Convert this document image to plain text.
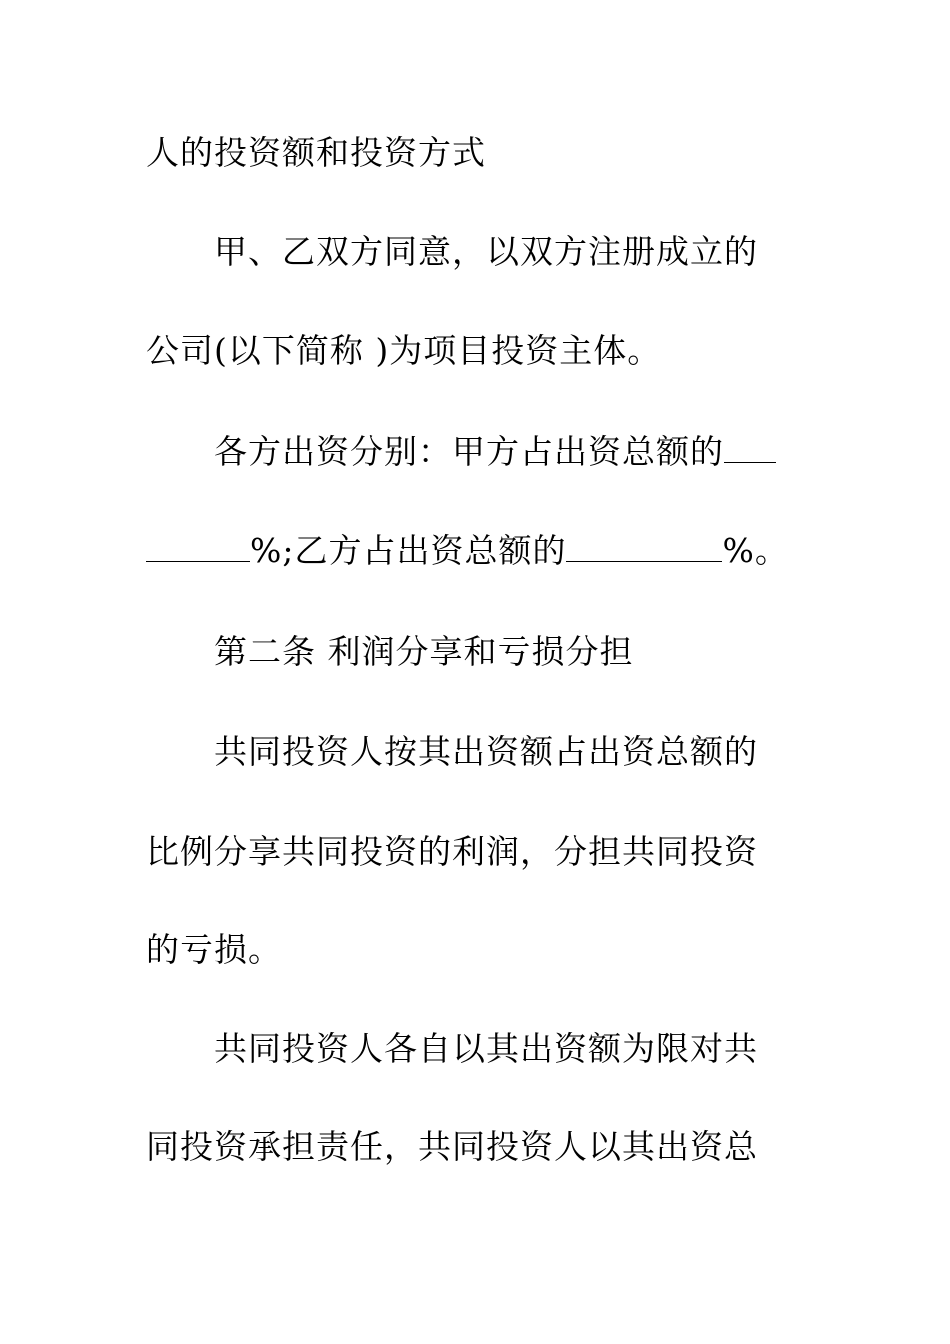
人的投资额和投资方式
甲、乙双方同意，以双方注册成立的
公司(以下简称 )为项目投资主体。
各方出资分别：甲方占出资总额的
%;乙方占出资总额的	%。
第二条 利润分享和亏损分担
共同投资人按其出资额占出资总额的
比例分享共同投资的利润，分担共同投资
的亏损。
共同投资人各自以其出资额为限对共
同投资承担责任，共同投资人以其出资总
